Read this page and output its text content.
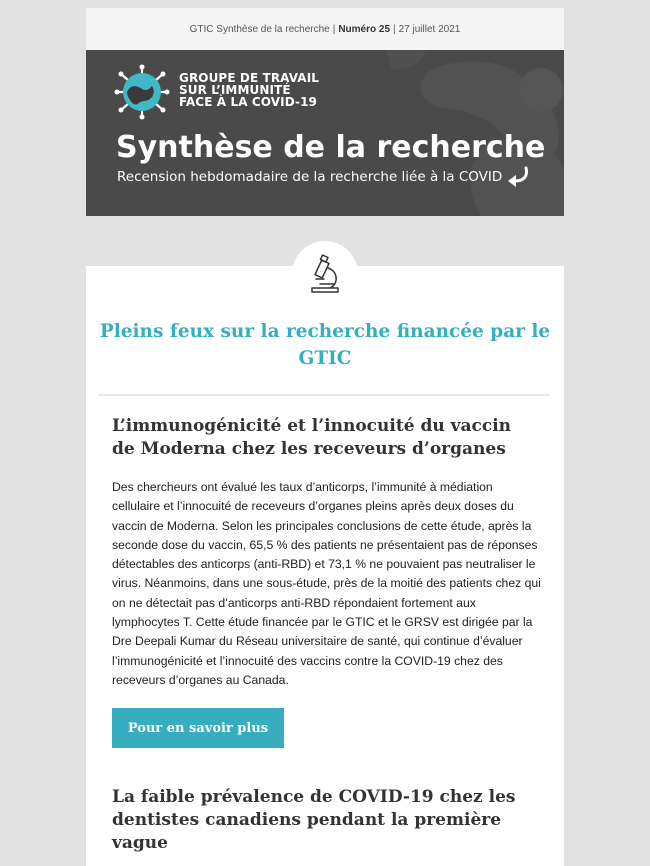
GTIC Synthèse de la recherche | Numéro 25 | 27 juillet 2021
GROUPE DE TRAVAIL
SUR L’IMMUNITÉ
FACE À LA COVID-19
Synthèse de la recherche
Recension hebdomadaire de la recherche liée à la COVID
Pleins feux sur la recherche financée par le GTIC
L’immunogénicité et l’innocuité du vaccin de Moderna chez les receveurs d’organes
Des chercheurs ont évalué les taux d’anticorps, l’immunité à médiation cellulaire et l’innocuité de receveurs d’organes pleins après deux doses du vaccin de Moderna. Selon les principales conclusions de cette étude, après la seconde dose du vaccin, 65,5 % des patients ne présentaient pas de réponses détectables des anticorps (anti-RBD) et 73,1 % ne pouvaient pas neutraliser le virus. Néanmoins, dans une sous-étude, près de la moitié des patients chez qui on ne détectait pas d’anticorps anti-RBD répondaient fortement aux lymphocytes T. Cette étude financée par le GTIC et le GRSV est dirigée par la Dre Deepali Kumar du Réseau universitaire de santé, qui continue d’évaluer l’immunogénicité et l’innocuité des vaccins contre la COVID-19 chez des receveurs d’organes au Canada.
Pour en savoir plus
La faible prévalence de COVID-19 chez les dentistes canadiens pendant la première vague
